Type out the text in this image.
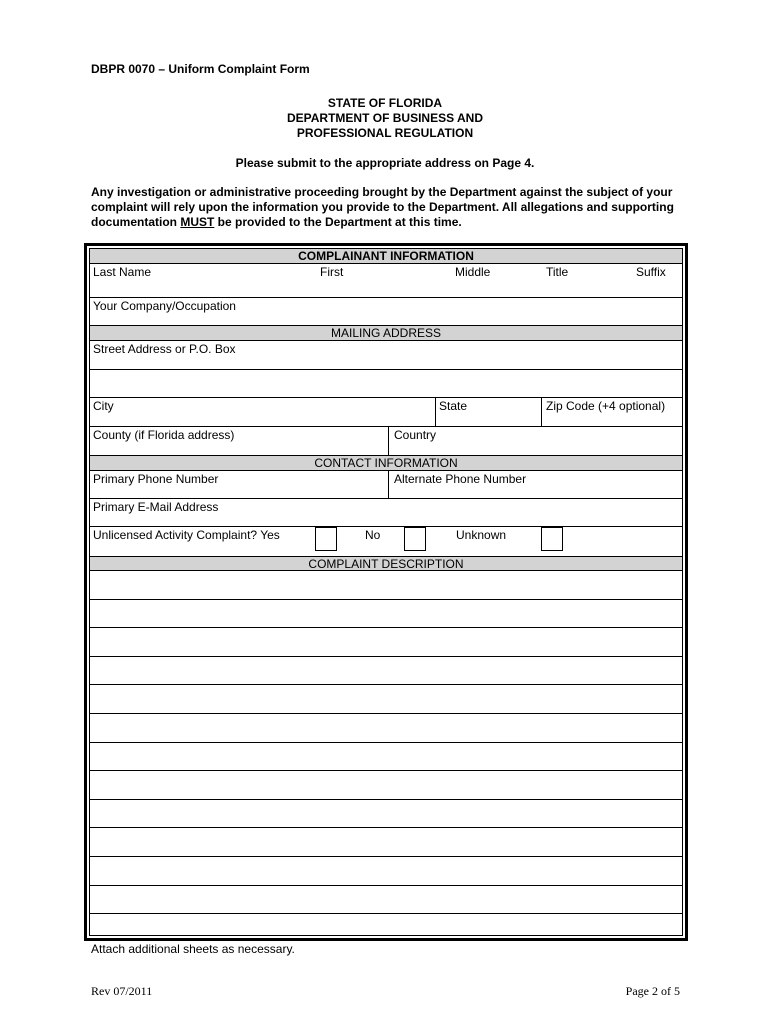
DBPR 0070 – Uniform Complaint Form
STATE OF FLORIDA
DEPARTMENT OF BUSINESS AND
PROFESSIONAL REGULATION
Please submit to the appropriate address on Page 4.
Any investigation or administrative proceeding brought by the Department against the subject of your complaint will rely upon the information you provide to the Department. All allegations and supporting documentation MUST be provided to the Department at this time.
COMPLAINANT INFORMATION
Last Name	First	Middle	Title	Suffix
Your Company/Occupation
MAILING ADDRESS
Street Address or P.O. Box
City	State	Zip Code (+4 optional)
County (if Florida address)	Country
CONTACT INFORMATION
Primary Phone Number	Alternate Phone Number
Primary E-Mail Address
Unlicensed Activity Complaint? Yes	No	Unknown
COMPLAINT DESCRIPTION
Attach additional sheets as necessary.
Rev 07/2011	Page 2 of 5
